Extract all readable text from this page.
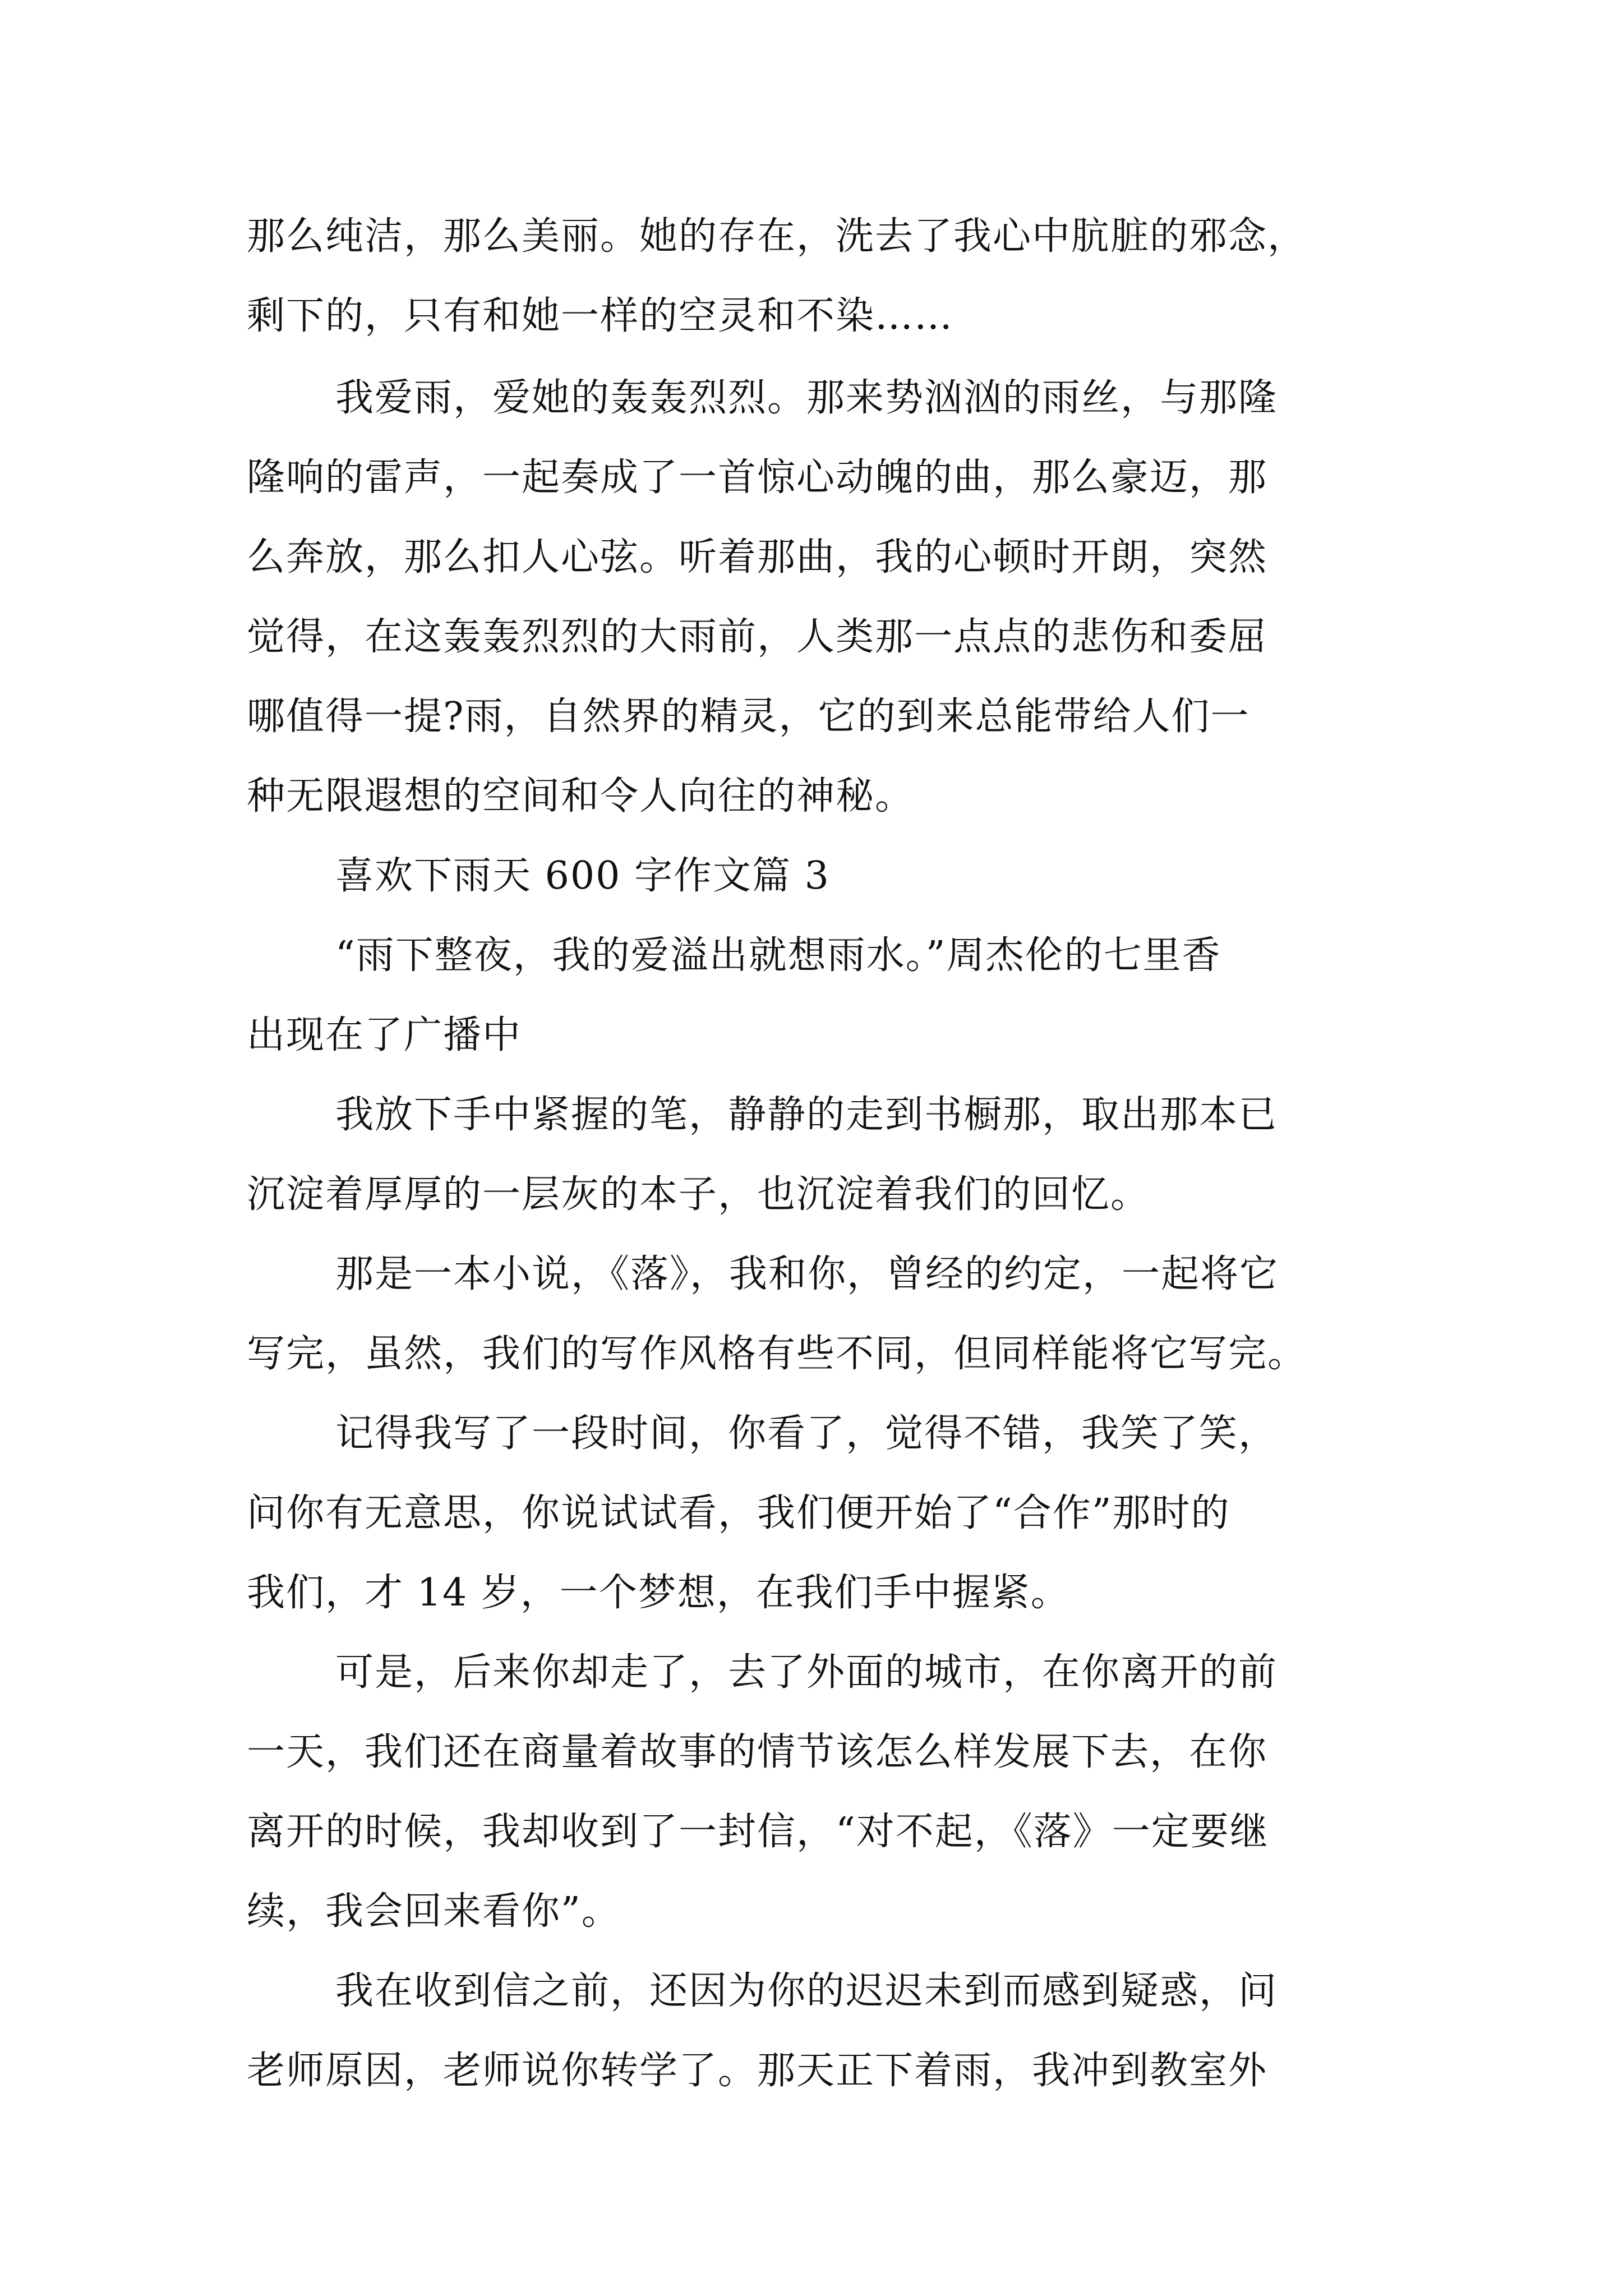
那么纯洁，那么美丽。她的存在，洗去了我心中肮脏的邪念，
剩下的，只有和她一样的空灵和不染……
我爱雨，爱她的轰轰烈烈。那来势汹汹的雨丝，与那隆
隆响的雷声，一起奏成了一首惊心动魄的曲，那么豪迈，那
么奔放，那么扣人心弦。听着那曲，我的心顿时开朗，突然
觉得，在这轰轰烈烈的大雨前，人类那一点点的悲伤和委屈
哪值得一提?雨，自然界的精灵，它的到来总能带给人们一
种无限遐想的空间和令人向往的神秘。
喜欢下雨天 600 字作文篇 3
“雨下整夜，我的爱溢出就想雨水。”周杰伦的七里香
出现在了广播中
我放下手中紧握的笔，静静的走到书橱那，取出那本已
沉淀着厚厚的一层灰的本子，也沉淀着我们的回忆。
那是一本小说，《落》，我和你，曾经的约定，一起将它
写完，虽然，我们的写作风格有些不同，但同样能将它写完。
记得我写了一段时间，你看了，觉得不错，我笑了笑，
问你有无意思，你说试试看，我们便开始了“合作”那时的
我们，才 14 岁，一个梦想，在我们手中握紧。
可是，后来你却走了，去了外面的城市，在你离开的前
一天，我们还在商量着故事的情节该怎么样发展下去，在你
离开的时候，我却收到了一封信，“对不起，《落》一定要继
续，我会回来看你”。
我在收到信之前，还因为你的迟迟未到而感到疑惑，问
老师原因，老师说你转学了。那天正下着雨，我冲到教室外
